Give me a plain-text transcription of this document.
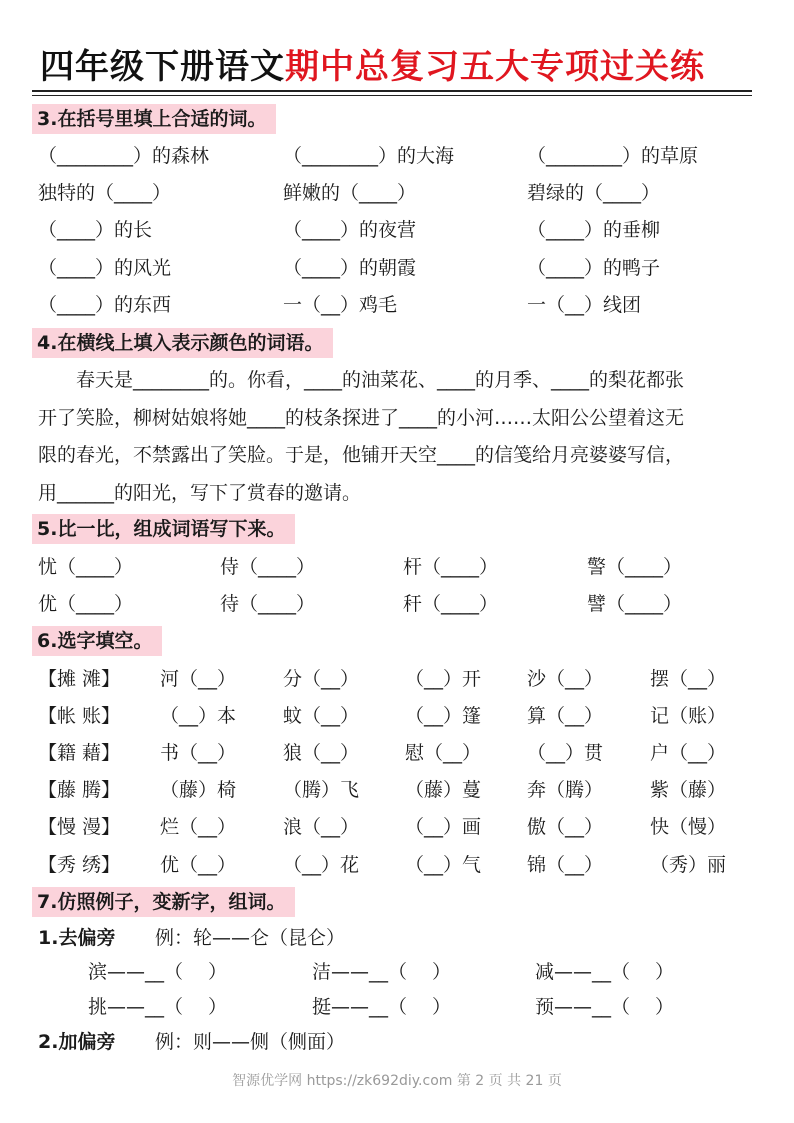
四年级下册语文期中总复习五大专项过关练
3.在括号里填上合适的词。
（________）的森林	（________）的大海	（________）的草原
独特的（____）	鲜嫩的（____）	碧绿的（____）
（____）的长	（____）的夜营	（____）的垂柳
（____）的风光	（____）的朝霞	（____）的鸭子
（____）的东西	一（__）鸡毛	一（__）线团
4.在横线上填入表示颜色的词语。
　　春天是________的。你看，____的油菜花、____的月季、____的梨花都张
开了笑脸，柳树姑娘将她____的枝条探进了____的小河……太阳公公望着这无
限的春光，不禁露出了笑脸。于是，他铺开天空____的信笺给月亮婆婆写信，
用______的阳光，写下了赏春的邀请。
5.比一比，组成词语写下来。
忧（____）	侍（____）	杆（____）	警（____）
优（____）	待（____）	秆（____）	譬（____）
6.选字填空。
【摊 滩】 河（__） 分（__） （__）开 沙（__） 摆（__）
【帐 账】 （__）本 蚊（__） （__）篷 算（__） 记（账）
【籍 藉】 书（__） 狼（__） 慰（__） （__）贯 户（__）
【藤 腾】 （藤）椅 （腾）飞 （藤）蔓 奔（腾） 紫（藤）
【慢 漫】 烂（__） 浪（__） （__）画 傲（__） 快（慢）
【秀 绣】 优（__） （__）花 （__）气 锦（__） （秀）丽
7.仿照例子，变新字，组词。
1.去偏旁 例：轮——仑（昆仑）
滨——__（　 ）	洁——__（　 ）	减——__（　 ）
挑——__（　 ）	挺——__（　 ）	预——__（　 ）
2.加偏旁 例：则——侧（侧面）
智源优学网 https://zk692diy.com 第 2 页 共 21 页
